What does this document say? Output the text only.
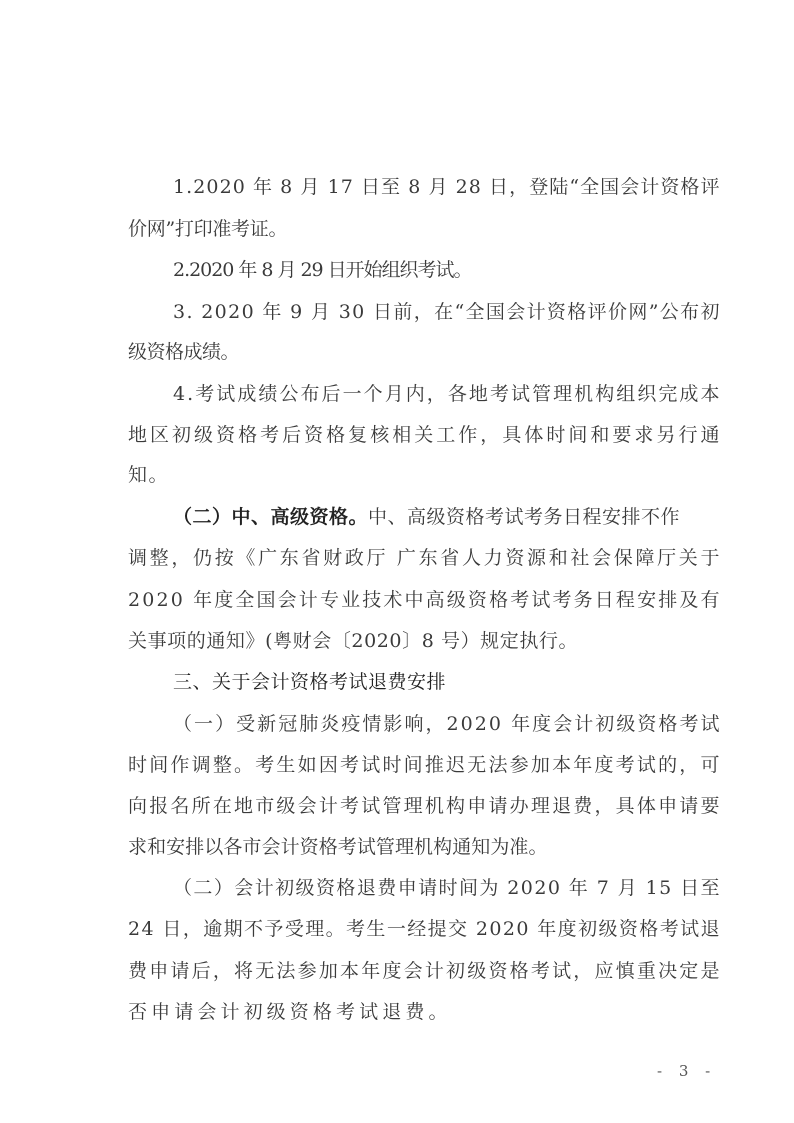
1.2020 年 8 月 17 日至 8 月 28 日，登陆“全国会计资格评
价网”打印准考证。
2.2020 年 8 月 29 日开始组织考试。
3. 2020 年 9 月 30 日前，在“全国会计资格评价网”公布初
级资格成绩。
4.考试成绩公布后一个月内，各地考试管理机构组织完成本
地区初级资格考后资格复核相关工作，具体时间和要求另行通
知。
调整，仍按《广东省财政厅 广东省人力资源和社会保障厅关于
2020 年度全国会计专业技术中高级资格考试考务日程安排及有
关事项的通知》(粤财会〔2020〕8 号）规定执行。
（一）受新冠肺炎疫情影响，2020 年度会计初级资格考试
时间作调整。考生如因考试时间推迟无法参加本年度考试的，可
向报名所在地市级会计考试管理机构申请办理退费，具体申请要
求和安排以各市会计资格考试管理机构通知为准。
（二）会计初级资格退费申请时间为 2020 年 7 月 15 日至
24 日，逾期不予受理。考生一经提交 2020 年度初级资格考试退
费申请后，将无法参加本年度会计初级资格考试，应慎重决定是
否申请会计初级资格考试退费。
（二）中、高级资格。中、高级资格考试考务日程安排不作
三、关于会计资格考试退费安排
- 3 -
